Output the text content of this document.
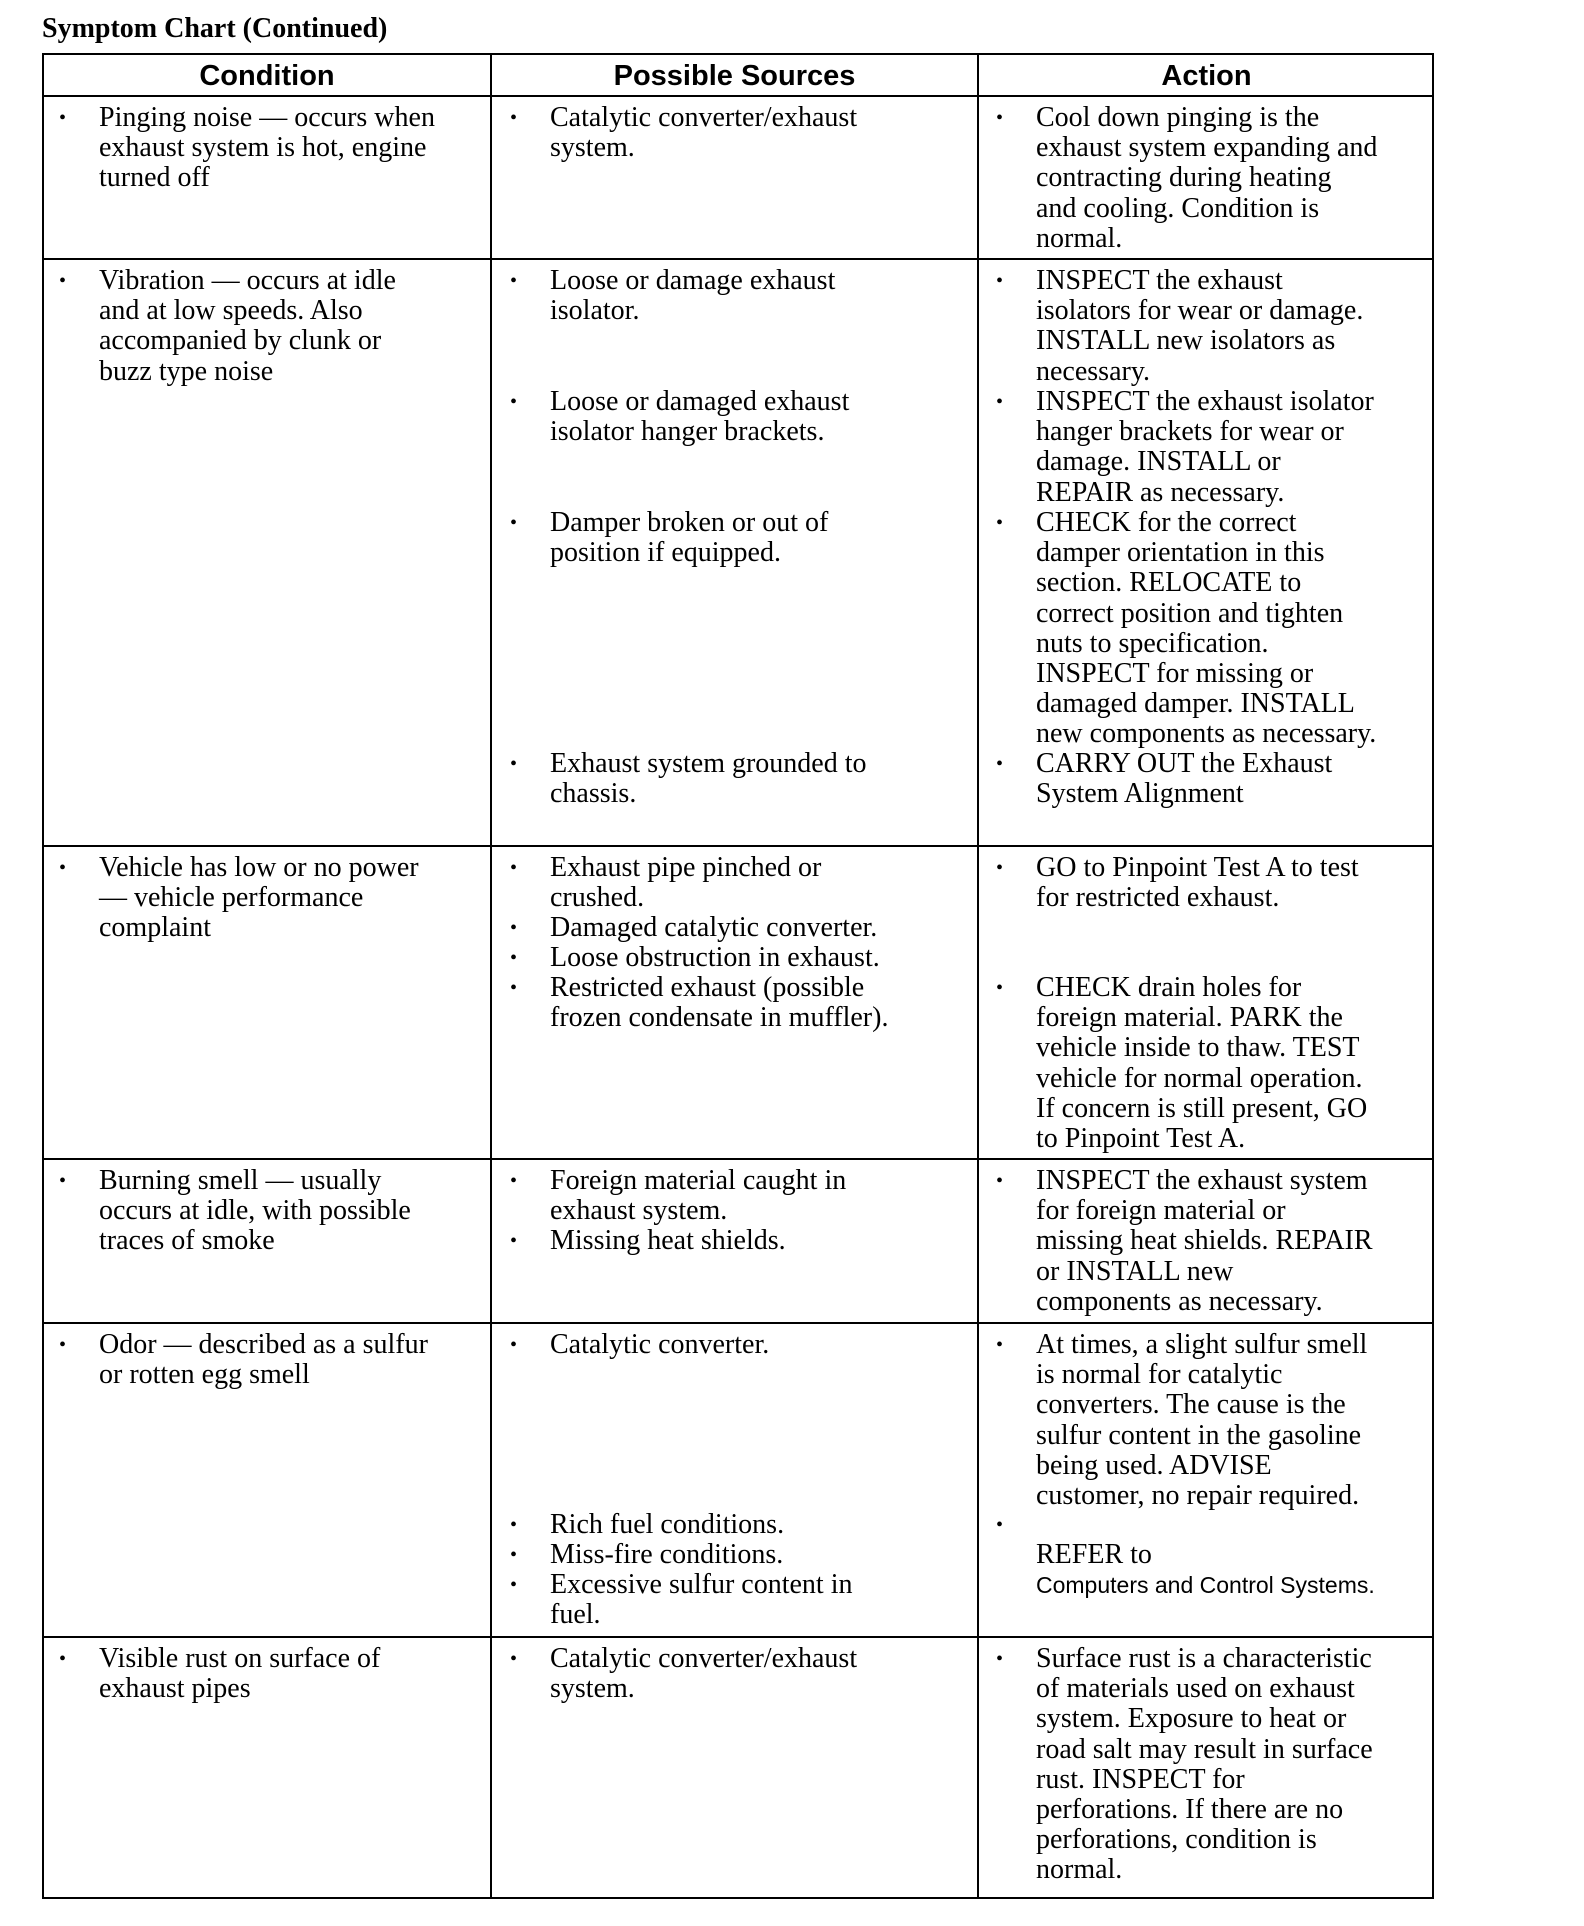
Symptom Chart (Continued)
Condition	Possible Sources	Action
• Pinging noise — occurs when
exhaust system is hot, engine
turned off
• Catalytic converter/exhaust
system.
• Cool down pinging is the
exhaust system expanding and
contracting during heating
and cooling. Condition is
normal.
• Vibration — occurs at idle
and at low speeds. Also
accompanied by clunk or
buzz type noise
• Loose or damage exhaust
isolator.
• Loose or damaged exhaust
isolator hanger brackets.
• Damper broken or out of
position if equipped.
• Exhaust system grounded to
chassis.
• INSPECT the exhaust
isolators for wear or damage.
INSTALL new isolators as
necessary.
• INSPECT the exhaust isolator
hanger brackets for wear or
damage. INSTALL or
REPAIR as necessary.
• CHECK for the correct
damper orientation in this
section. RELOCATE to
correct position and tighten
nuts to specification.
INSPECT for missing or
damaged damper. INSTALL
new components as necessary.
• CARRY OUT the Exhaust
System Alignment
• Vehicle has low or no power
— vehicle performance
complaint
• Exhaust pipe pinched or
crushed.
• Damaged catalytic converter.
• Loose obstruction in exhaust.
• Restricted exhaust (possible
frozen condensate in muffler).
• GO to Pinpoint Test A to test
for restricted exhaust.
• CHECK drain holes for
foreign material. PARK the
vehicle inside to thaw. TEST
vehicle for normal operation.
If concern is still present, GO
to Pinpoint Test A.
• Burning smell — usually
occurs at idle, with possible
traces of smoke
• Foreign material caught in
exhaust system.
• Missing heat shields.
• INSPECT the exhaust system
for foreign material or
missing heat shields. REPAIR
or INSTALL new
components as necessary.
• Odor — described as a sulfur
or rotten egg smell
• Catalytic converter.
• Rich fuel conditions.
• Miss-fire conditions.
• Excessive sulfur content in
fuel.
• At times, a slight sulfur smell
is normal for catalytic
converters. The cause is the
sulfur content in the gasoline
being used. ADVISE
customer, no repair required.

• REFER to
Computers and Control Systems.

• Visible rust on surface of
exhaust pipes
• Catalytic converter/exhaust
system.
• Surface rust is a characteristic
of materials used on exhaust
system. Exposure to heat or
road salt may result in surface
rust. INSPECT for
perforations. If there are no
perforations, condition is
normal.
